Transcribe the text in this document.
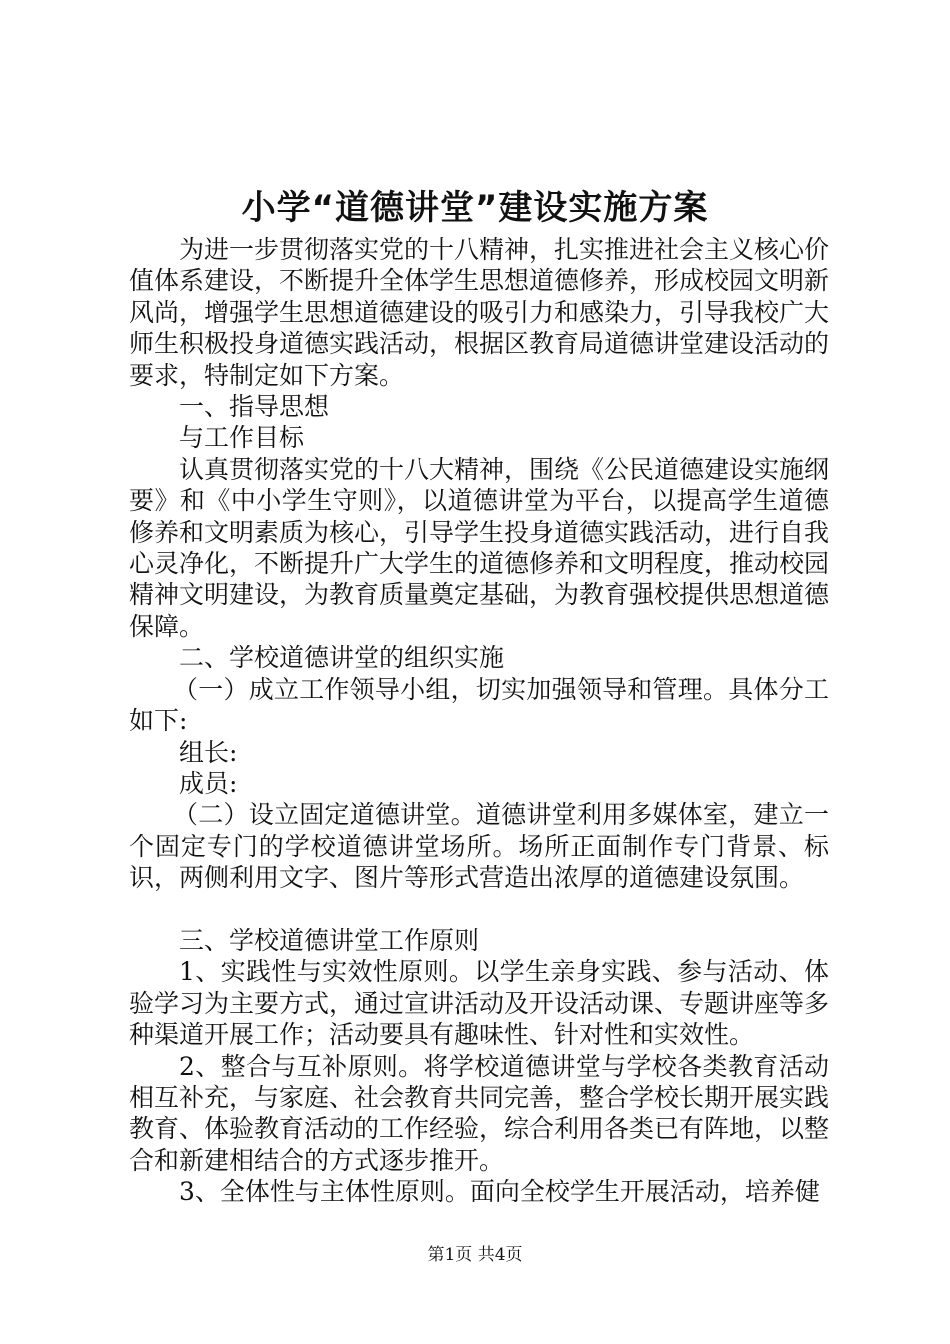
小学“道德讲堂”建设实施方案

为进一步贯彻落实党的十八精神，扎实推进社会主义核心价值体系建设，不断提升全体学生思想道德修养，形成校园文明新风尚，增强学生思想道德建设的吸引力和感染力，引导我校广大师生积极投身道德实践活动，根据区教育局道德讲堂建设活动的要求，特制定如下方案。

一、指导思想

与工作目标

认真贯彻落实党的十八大精神，围绕《公民道德建设实施纲要》和《中小学生守则》，以道德讲堂为平台，以提高学生道德修养和文明素质为核心，引导学生投身道德实践活动，进行自我心灵净化，不断提升广大学生的道德修养和文明程度，推动校园精神文明建设，为教育质量奠定基础，为教育强校提供思想道德保障。

二、学校道德讲堂的组织实施

（一）成立工作领导小组，切实加强领导和管理。具体分工如下:

组长:

成员:

（二）设立固定道德讲堂。道德讲堂利用多媒体室，建立一个固定专门的学校道德讲堂场所。场所正面制作专门背景、标识，两侧利用文字、图片等形式营造出浓厚的道德建设氛围。

三、学校道德讲堂工作原则

1、实践性与实效性原则。以学生亲身实践、参与活动、体验学习为主要方式，通过宣讲活动及开设活动课、专题讲座等多种渠道开展工作；活动要具有趣味性、针对性和实效性。

2、整合与互补原则。将学校道德讲堂与学校各类教育活动相互补充，与家庭、社会教育共同完善，整合学校长期开展实践教育、体验教育活动的工作经验，综合利用各类已有阵地，以整合和新建相结合的方式逐步推开。

3、全体性与主体性原则。面向全校学生开展活动，培养健

第1页 共4页
